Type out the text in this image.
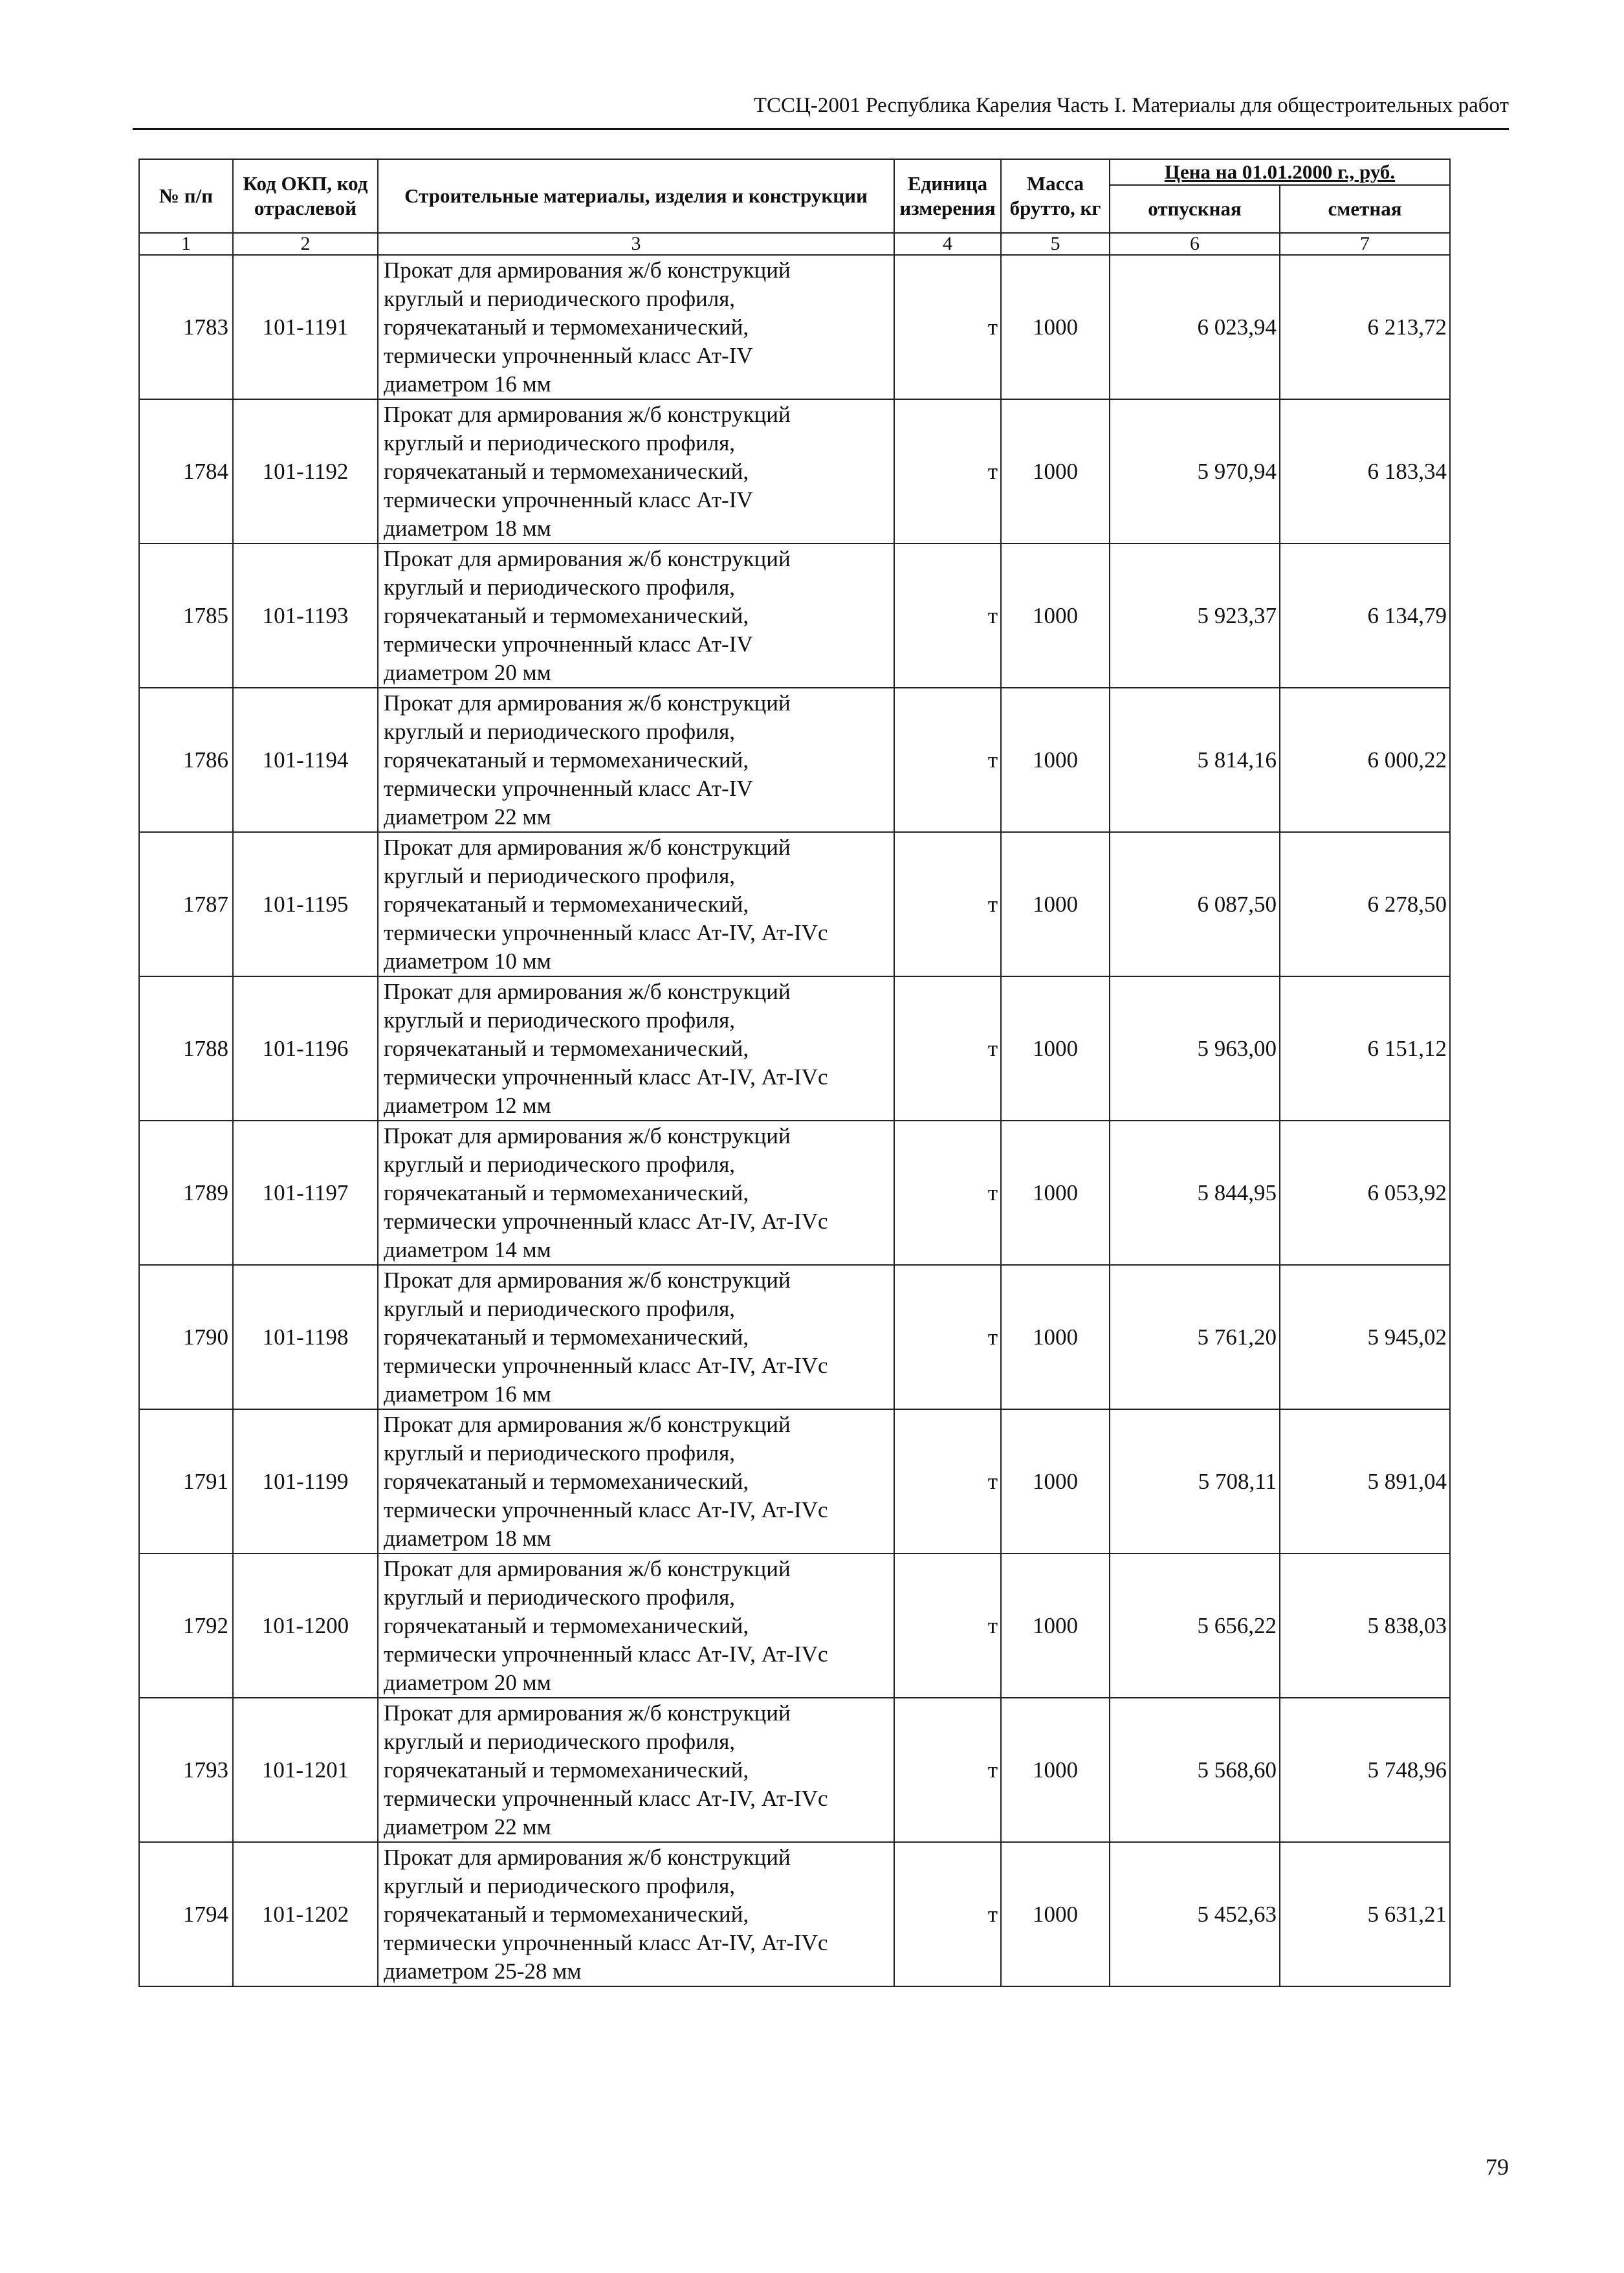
ТССЦ-2001 Республика Карелия Часть I. Материалы для общестроительных работ
№ п/п	Код ОКП, код отраслевой	Строительные материалы, изделия и конструкции	Единица измерения	Масса брутто, кг	Цена на 01.01.2000 г., руб.	
					отпускная	сметная
1	2	3	4	5	6	7
1783	101-1191	Прокат для армирования ж/б конструкций
круглый и периодического профиля,
горячекатаный и термомеханический,
термически упрочненный класс Ат-IV
диаметром 16 мм	т	1000	6 023,94	6 213,72
1784	101-1192	Прокат для армирования ж/б конструкций
круглый и периодического профиля,
горячекатаный и термомеханический,
термически упрочненный класс Ат-IV
диаметром 18 мм	т	1000	5 970,94	6 183,34
1785	101-1193	Прокат для армирования ж/б конструкций
круглый и периодического профиля,
горячекатаный и термомеханический,
термически упрочненный класс Ат-IV
диаметром 20 мм	т	1000	5 923,37	6 134,79
1786	101-1194	Прокат для армирования ж/б конструкций
круглый и периодического профиля,
горячекатаный и термомеханический,
термически упрочненный класс Ат-IV
диаметром 22 мм	т	1000	5 814,16	6 000,22
1787	101-1195	Прокат для армирования ж/б конструкций
круглый и периодического профиля,
горячекатаный и термомеханический,
термически упрочненный класс Ат-IV, Ат-IVс
диаметром 10 мм	т	1000	6 087,50	6 278,50
1788	101-1196	Прокат для армирования ж/б конструкций
круглый и периодического профиля,
горячекатаный и термомеханический,
термически упрочненный класс Ат-IV, Ат-IVс
диаметром 12 мм	т	1000	5 963,00	6 151,12
1789	101-1197	Прокат для армирования ж/б конструкций
круглый и периодического профиля,
горячекатаный и термомеханический,
термически упрочненный класс Ат-IV, Ат-IVс
диаметром 14 мм	т	1000	5 844,95	6 053,92
1790	101-1198	Прокат для армирования ж/б конструкций
круглый и периодического профиля,
горячекатаный и термомеханический,
термически упрочненный класс Ат-IV, Ат-IVс
диаметром 16 мм	т	1000	5 761,20	5 945,02
1791	101-1199	Прокат для армирования ж/б конструкций
круглый и периодического профиля,
горячекатаный и термомеханический,
термически упрочненный класс Ат-IV, Ат-IVс
диаметром 18 мм	т	1000	5 708,11	5 891,04
1792	101-1200	Прокат для армирования ж/б конструкций
круглый и периодического профиля,
горячекатаный и термомеханический,
термически упрочненный класс Ат-IV, Ат-IVс
диаметром 20 мм	т	1000	5 656,22	5 838,03
1793	101-1201	Прокат для армирования ж/б конструкций
круглый и периодического профиля,
горячекатаный и термомеханический,
термически упрочненный класс Ат-IV, Ат-IVс
диаметром 22 мм	т	1000	5 568,60	5 748,96
1794	101-1202	Прокат для армирования ж/б конструкций
круглый и периодического профиля,
горячекатаный и термомеханический,
термически упрочненный класс Ат-IV, Ат-IVс
диаметром 25-28 мм	т	1000	5 452,63	5 631,21
79
